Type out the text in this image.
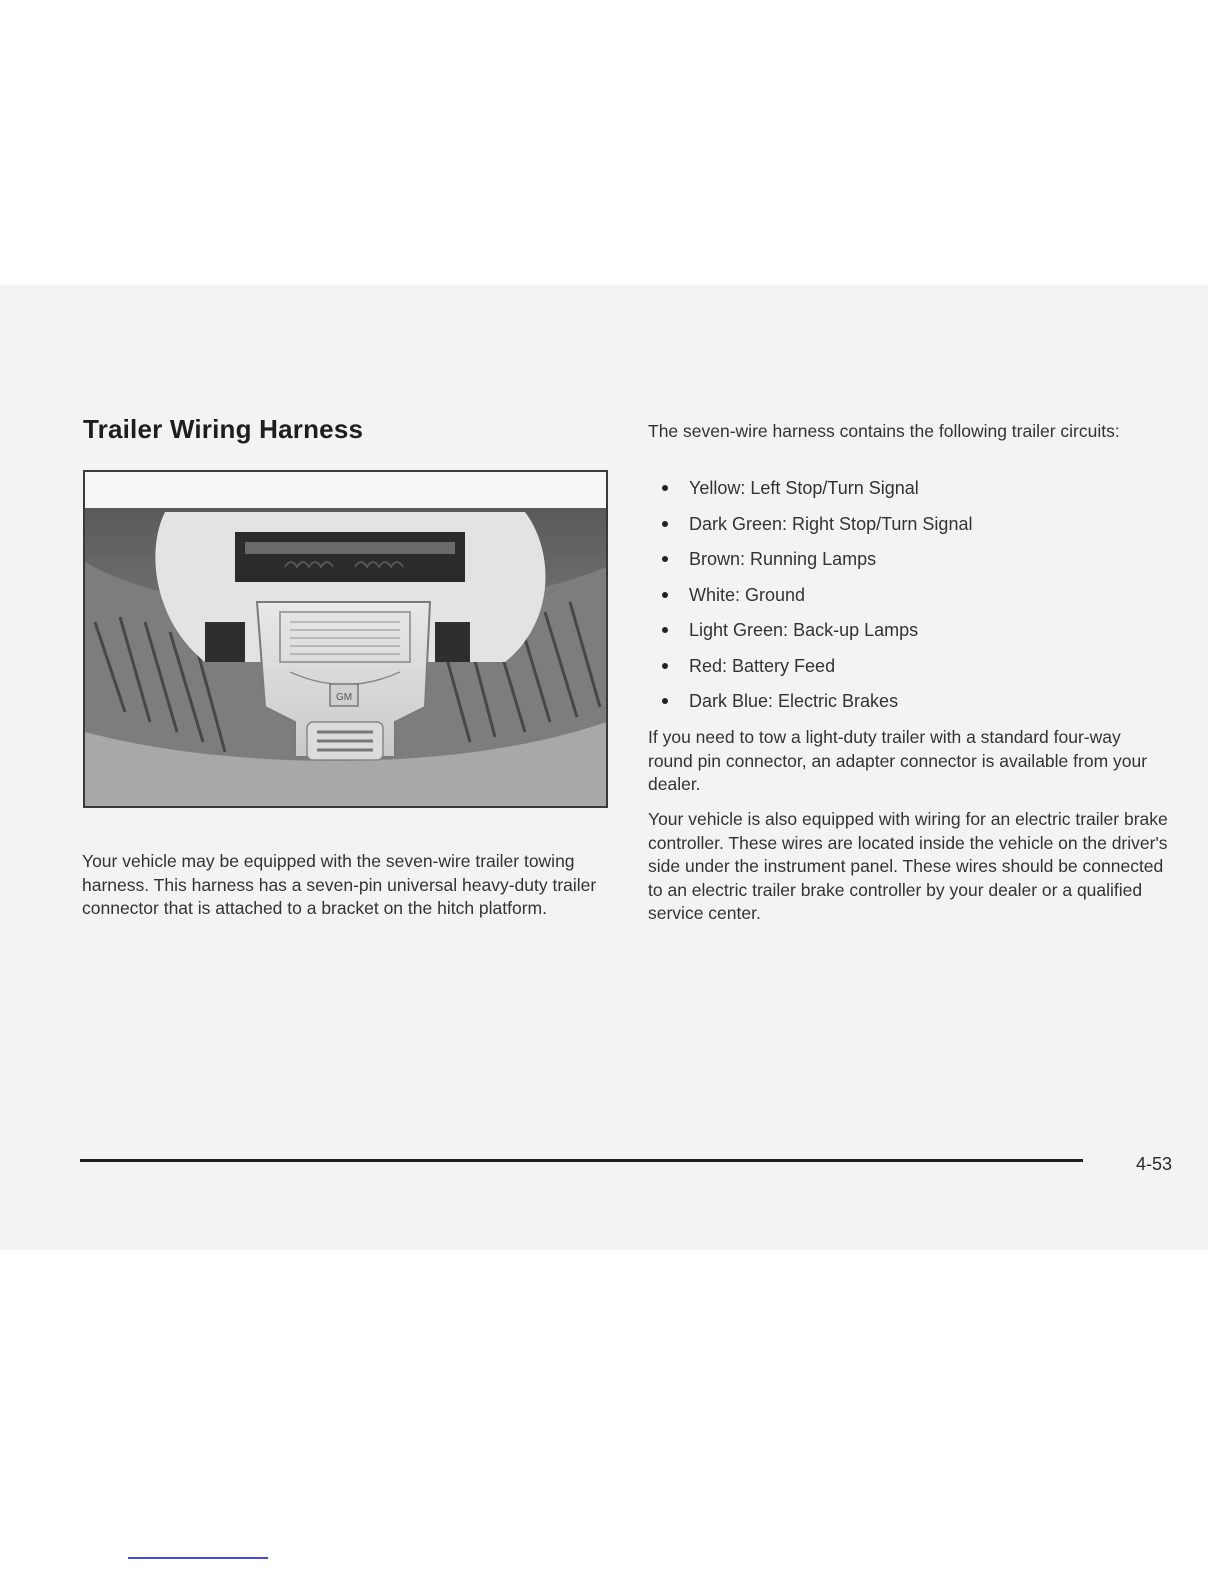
Trailer Wiring Harness
GM

Your vehicle may be equipped with the seven-wire trailer towing harness. This harness has a seven-pin universal heavy-duty trailer connector that is attached to a bracket on the hitch platform.

The seven-wire harness contains the following trailer circuits:

Yellow: Left Stop/Turn Signal
Dark Green: Right Stop/Turn Signal
Brown: Running Lamps
White: Ground
Light Green: Back-up Lamps
Red: Battery Feed
Dark Blue: Electric Brakes

If you need to tow a light-duty trailer with a standard four-way round pin connector, an adapter connector is available from your dealer.

Your vehicle is also equipped with wiring for an electric trailer brake controller. These wires are located inside the vehicle on the driver's side under the instrument panel. These wires should be connected to an electric trailer brake controller by your dealer or a qualified service center.

4-53
